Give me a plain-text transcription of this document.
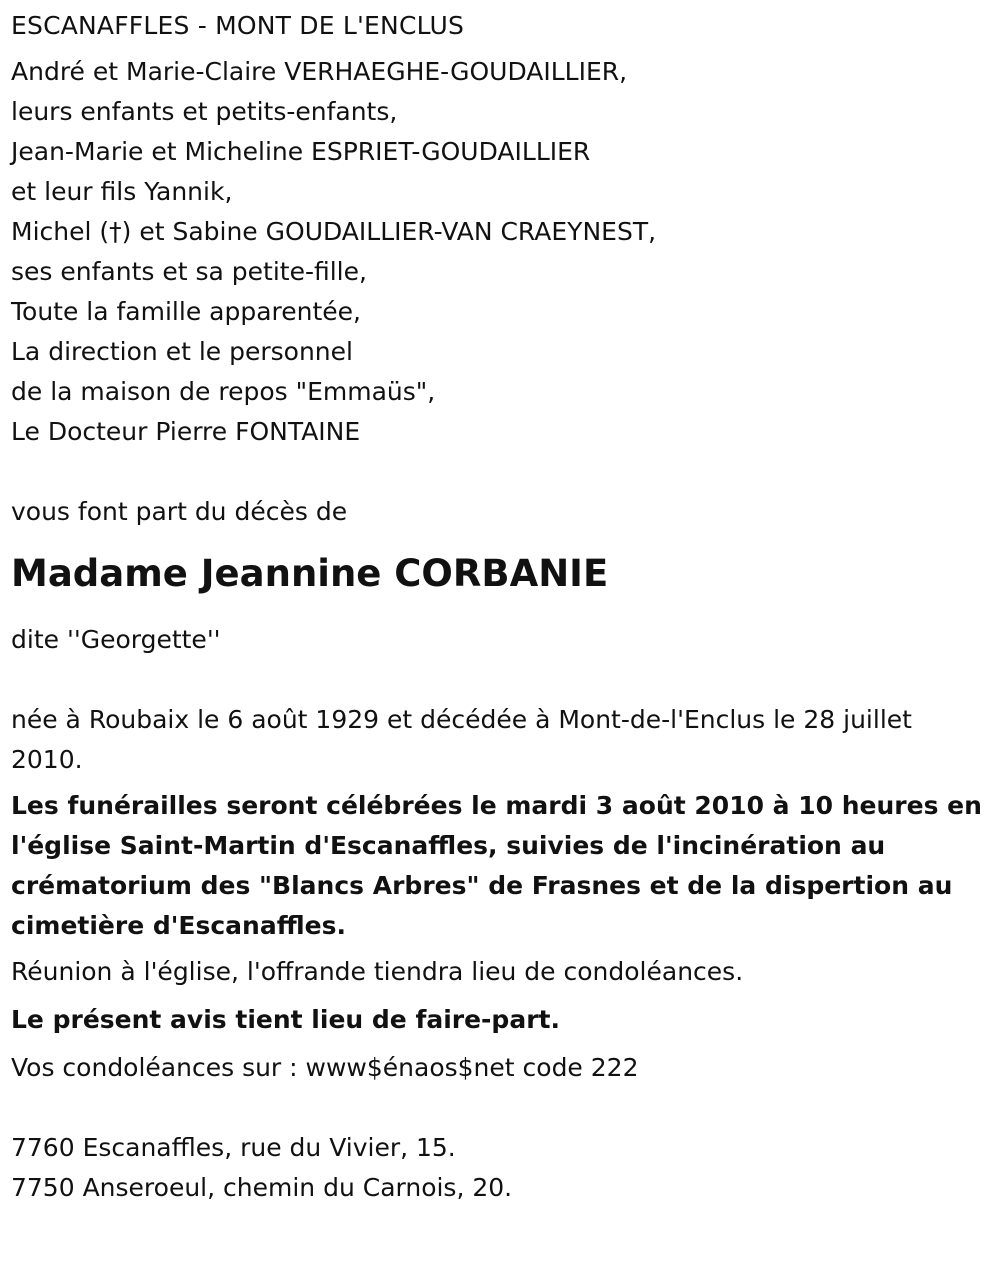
ESCANAFFLES - MONT DE L'ENCLUS
André et Marie-Claire VERHAEGHE-GOUDAILLIER,
leurs enfants et petits-enfants,
Jean-Marie et Micheline ESPRIET-GOUDAILLIER
et leur fils Yannik,
Michel (†) et Sabine GOUDAILLIER-VAN CRAEYNEST,
ses enfants et sa petite-fille,
Toute la famille apparentée,
La direction et le personnel
de la maison de repos "Emmaüs",
Le Docteur Pierre FONTAINE
vous font part du décès de
Madame Jeannine CORBANIE
dite ''Georgette''
née à Roubaix le 6 août 1929 et décédée à Mont-de-l'Enclus le 28 juillet 2010.
Les funérailles seront célébrées le mardi 3 août 2010 à 10 heures en l'église Saint-Martin d'Escanaffles, suivies de l'incinération au crématorium des "Blancs Arbres" de Frasnes et de la dispertion au cimetière d'Escanaffles.
Réunion à l'église, l'offrande tiendra lieu de condoléances.
Le présent avis tient lieu de faire-part.
Vos condoléances sur : www$énaos$net code 222
7760 Escanaffles, rue du Vivier, 15.
7750 Anseroeul, chemin du Carnois, 20.
